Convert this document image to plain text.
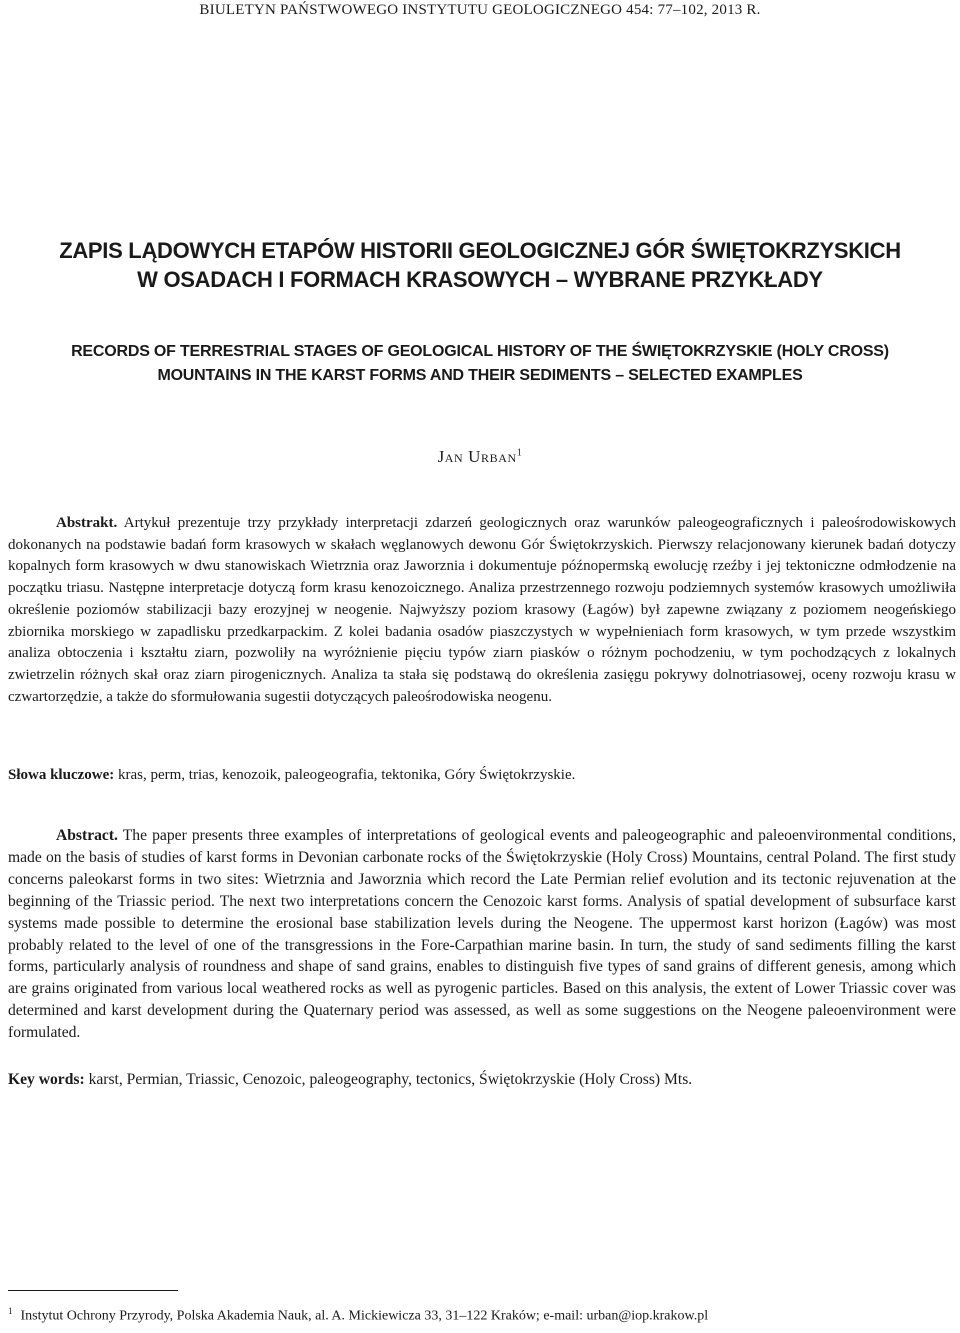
BIULETYN PAŃSTWOWEGO INSTYTUTU GEOLOGICZNEGO 454: 77–102, 2013 R.
ZAPIS LĄDOWYCH ETAPÓW HISTORII GEOLOGICZNEJ GÓR ŚWIĘTOKRZYSKICH
W OSADACH I FORMACH KRASOWYCH – WYBRANE PRZYKŁADY
RECORDS OF TERRESTRIAL STAGES OF GEOLOGICAL HISTORY OF THE ŚWIĘTOKRZYSKIE (HOLY CROSS)
MOUNTAINS IN THE KARST FORMS AND THEIR SEDIMENTS – SELECTED EXAMPLES
Jan Urban$^1$
Abstrakt. Artykuł prezentuje trzy przykłady interpretacji zdarzeń geologicznych oraz warunków paleogeograficznych i paleośrodowiskowych dokonanych na podstawie badań form krasowych w skałach węglanowych dewonu Gór Świętokrzyskich. Pierwszy relacjonowany kierunek badań dotyczy kopalnych form krasowych w dwu stanowiskach Wietrznia oraz Jaworznia i dokumentuje późnopermską ewolucję rzeźby i jej tektoniczne odmłodzenie na początku triasu. Następne interpretacje dotyczą form krasu kenozoicznego. Analiza przestrzennego rozwoju podziemnych systemów krasowych umożliwiła określenie poziomów stabilizacji bazy erozyjnej w neogenie. Najwyższy poziom krasowy (Łagów) był zapewne związany z poziomem neogeńskiego zbiornika morskiego w zapadlisku przedkarpackim. Z kolei badania osadów piaszczystych w wypełnieniach form krasowych, w tym przede wszystkim analiza obtoczenia i kształtu ziarn, pozwoliły na wyróżnienie pięciu typów ziarn piasków o różnym pochodzeniu, w tym pochodzących z lokalnych zwietrzelin różnych skał oraz ziarn pirogenicznych. Analiza ta stała się podstawą do określenia zasięgu pokrywy dolnotriasowej, oceny rozwoju krasu w czwartorzędzie, a także do sformułowania sugestii dotyczących paleośrodowiska neogenu.
Słowa kluczowe: kras, perm, trias, kenozoik, paleogeografia, tektonika, Góry Świętokrzyskie.
Abstract. The paper presents three examples of interpretations of geological events and paleogeographic and paleoenvironmental conditions, made on the basis of studies of karst forms in Devonian carbonate rocks of the Świętokrzyskie (Holy Cross) Mountains, central Poland. The first study concerns paleokarst forms in two sites: Wietrznia and Jaworznia which record the Late Permian relief evolution and its tectonic rejuvenation at the beginning of the Triassic period. The next two interpretations concern the Cenozoic karst forms. Analysis of spatial development of subsurface karst systems made possible to determine the erosional base stabilization levels during the Neogene. The uppermost karst horizon (Łagów) was most probably related to the level of one of the transgressions in the Fore-Carpathian marine basin. In turn, the study of sand sediments filling the karst forms, particularly analysis of roundness and shape of sand grains, enables to distinguish five types of sand grains of different genesis, among which are grains originated from various local weathered rocks as well as pyrogenic particles. Based on this analysis, the extent of Lower Triassic cover was determined and karst development during the Quaternary period was assessed, as well as some suggestions on the Neogene paleoenvironment were formulated.
Key words: karst, Permian, Triassic, Cenozoic, paleogeography, tectonics, Świętokrzyskie (Holy Cross) Mts.
$^1$ Instytut Ochrony Przyrody, Polska Akademia Nauk, al. A. Mickiewicza 33, 31–122 Kraków; e-mail: urban@iop.krakow.pl
